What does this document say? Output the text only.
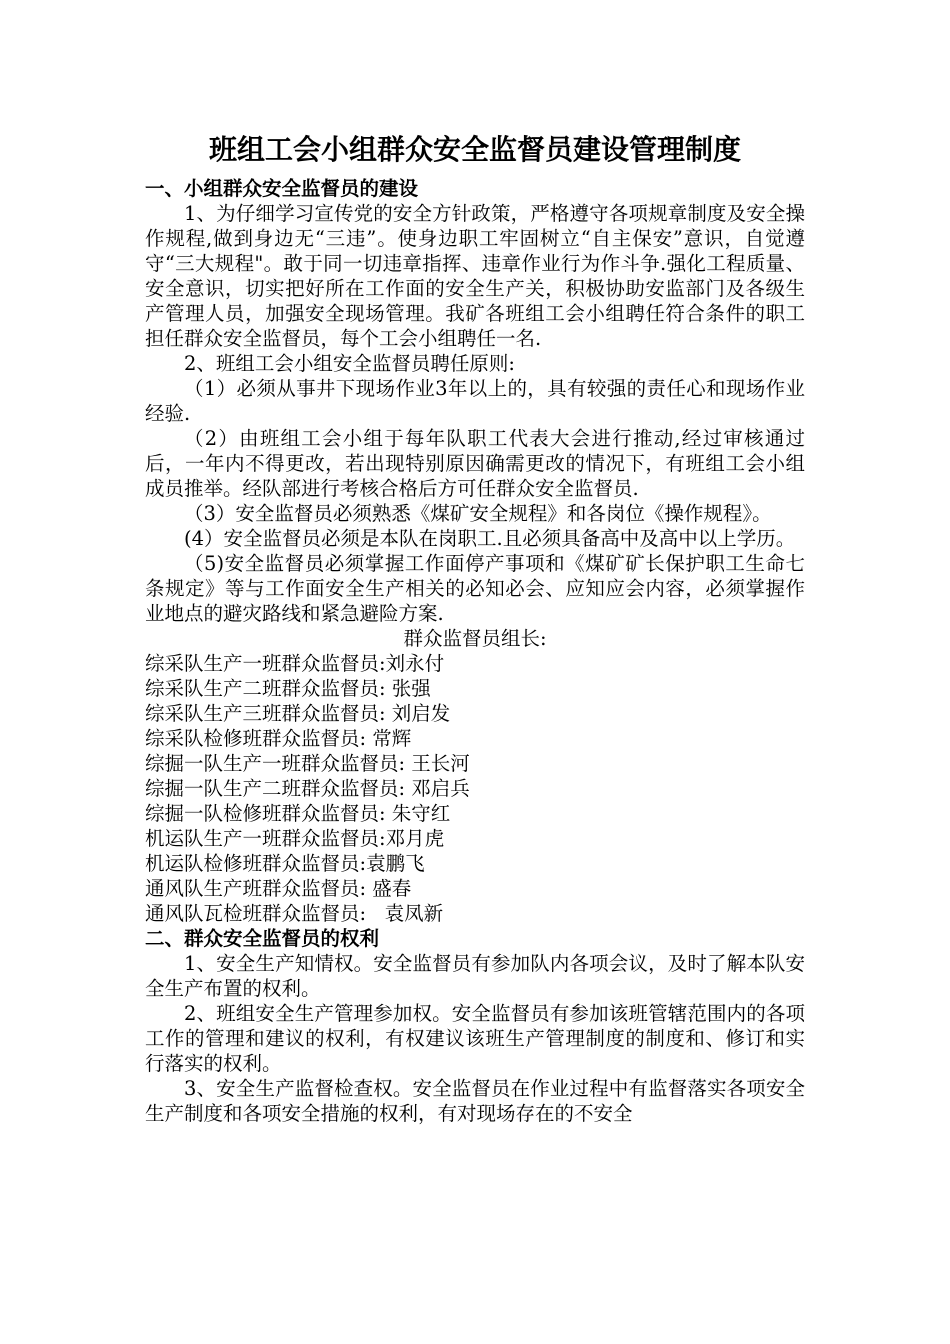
班组工会小组群众安全监督员建设管理制度

一、小组群众安全监督员的建设

1、为仔细学习宣传党的安全方针政策，严格遵守各项规章制度及安全操作规程,做到身边无“三违”。使身边职工牢固树立“自主保安”意识，自觉遵守“三大规程"。敢于同一切违章指挥、违章作业行为作斗争.强化工程质量、安全意识，切实把好所在工作面的安全生产关，积极协助安监部门及各级生产管理人员，加强安全现场管理。我矿各班组工会小组聘任符合条件的职工担任群众安全监督员，每个工会小组聘任一名.

2、班组工会小组安全监督员聘任原则:

（1）必须从事井下现场作业3年以上的，具有较强的责任心和现场作业经验.

（2）由班组工会小组于每年队职工代表大会进行推动,经过审核通过后，一年内不得更改，若出现特别原因确需更改的情况下，有班组工会小组成员推举。经队部进行考核合格后方可任群众安全监督员.

（3）安全监督员必须熟悉《煤矿安全规程》和各岗位《操作规程》。

(4）安全监督员必须是本队在岗职工.且必须具备高中及高中以上学历。

（5)安全监督员必须掌握工作面停产事项和《煤矿矿长保护职工生命七条规定》等与工作面安全生产相关的必知必会、应知应会内容，必须掌握作业地点的避灾路线和紧急避险方案.

群众监督员组长:

综采队生产一班群众监督员:刘永付
综采队生产二班群众监督员: 张强
综采队生产三班群众监督员: 刘启发
综采队检修班群众监督员: 常辉
综掘一队生产一班群众监督员: 王长河
综掘一队生产二班群众监督员: 邓启兵
综掘一队检修班群众监督员: 朱守红
机运队生产一班群众监督员:邓月虎
机运队检修班群众监督员:袁鹏飞
通风队生产班群众监督员: 盛春
通风队瓦检班群众监督员:   袁凤新

二、群众安全监督员的权利

1、安全生产知情权。安全监督员有参加队内各项会议，及时了解本队安全生产布置的权利。

2、班组安全生产管理参加权。安全监督员有参加该班管辖范围内的各项工作的管理和建议的权利，有权建议该班生产管理制度的制度和、修订和实行落实的权利。

3、安全生产监督检查权。安全监督员在作业过程中有监督落实各项安全生产制度和各项安全措施的权利，有对现场存在的不安全
